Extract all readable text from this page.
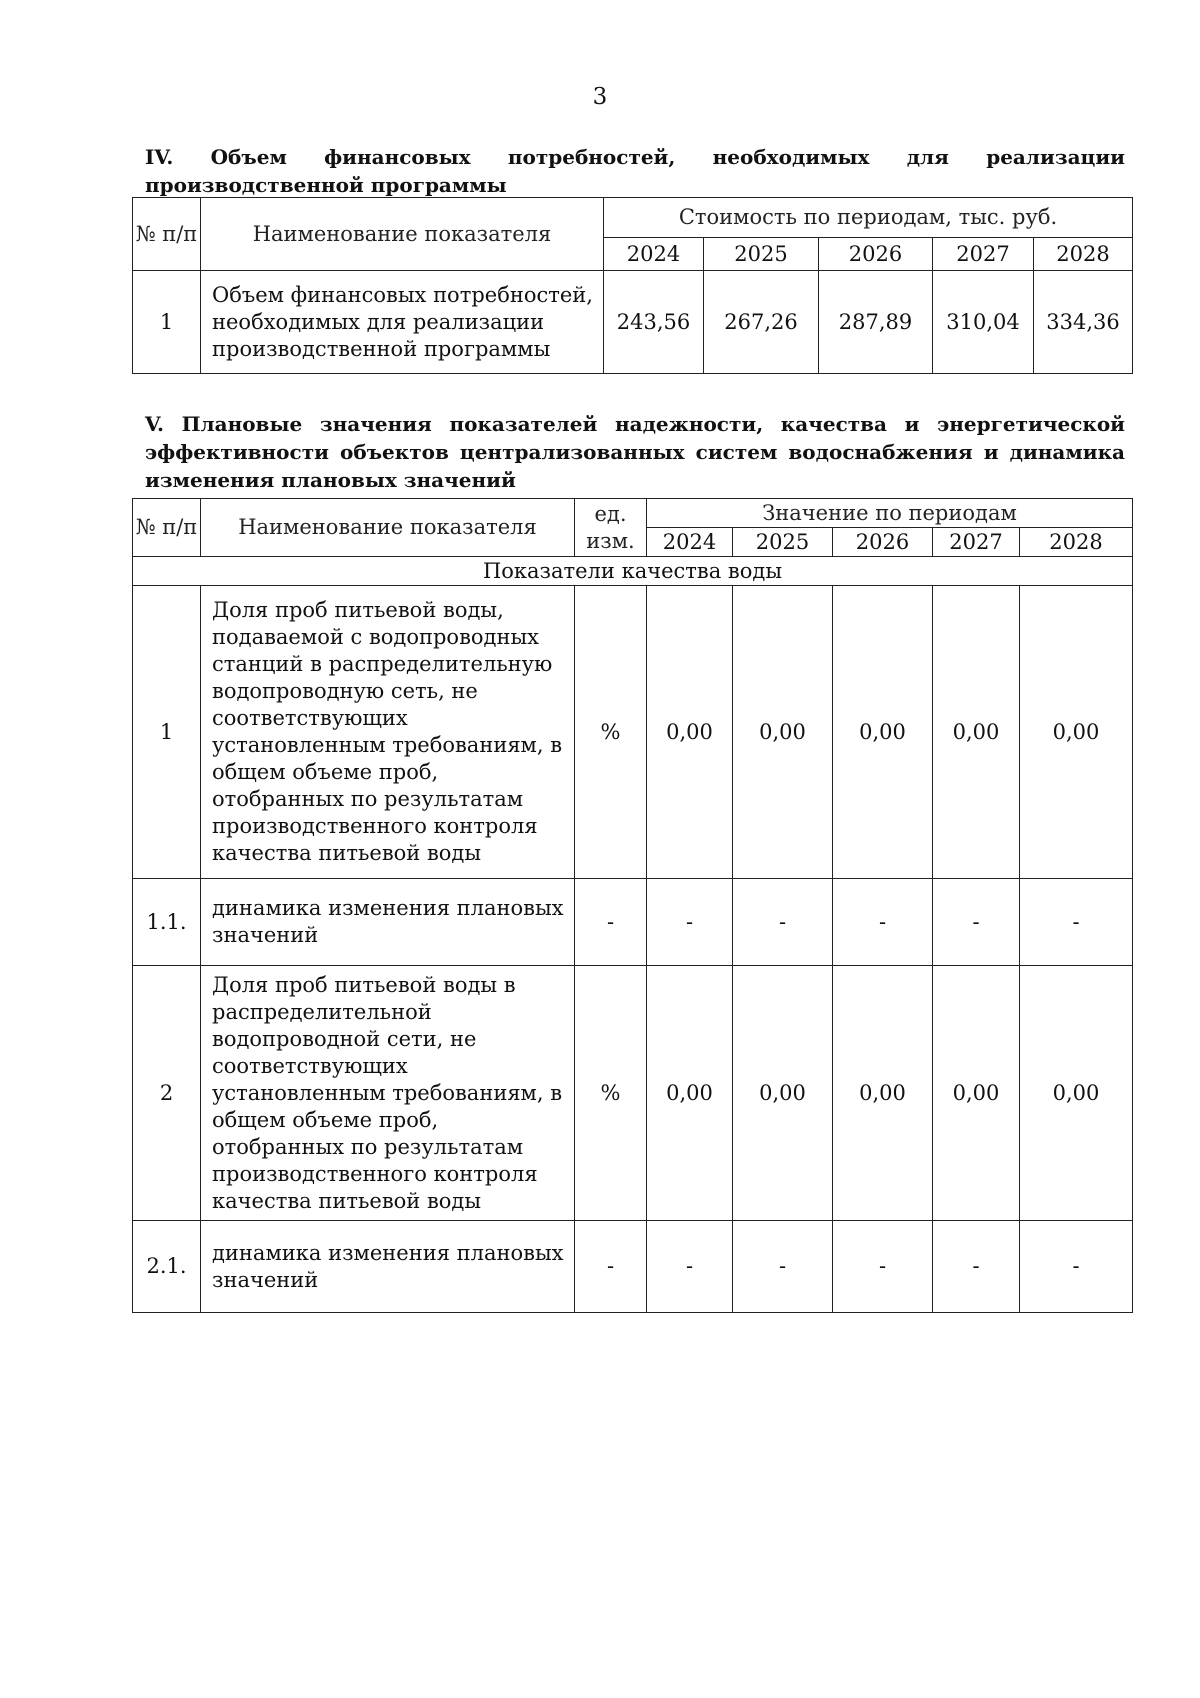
3
IV. Объем финансовых потребностей, необходимых для реализации производственной программы
№ п/п	Наименование показателя	Стоимость по периодам, тыс. руб.				
		2024	2025	2026	2027	2028
1	Объем финансовых потребностей, необходимых для реализации производственной программы	243,56	267,26	287,89	310,04	334,36
V. Плановые значения показателей надежности, качества и энергетической эффективности объектов централизованных систем водоснабжения и динамика изменения плановых значений
№ п/п	Наименование показателя	ед. изм.	Значение по периодам				
			2024	2025	2026	2027	2028
Показатели качества воды							
1	Доля проб питьевой воды, подаваемой с водопроводных станций в распределительную водопроводную сеть, не соответствующих установленным требованиям, в общем объеме проб, отобранных по результатам производственного контроля качества питьевой воды	%	0,00	0,00	0,00	0,00	0,00
1.1.	динамика изменения плановых значений	-	-	-	-	-	-
2	Доля проб питьевой воды в распределительной водопроводной сети, не соответствующих установленным требованиям, в общем объеме проб, отобранных по результатам производственного контроля качества питьевой воды	%	0,00	0,00	0,00	0,00	0,00
2.1.	динамика изменения плановых значений	-	-	-	-	-	-
